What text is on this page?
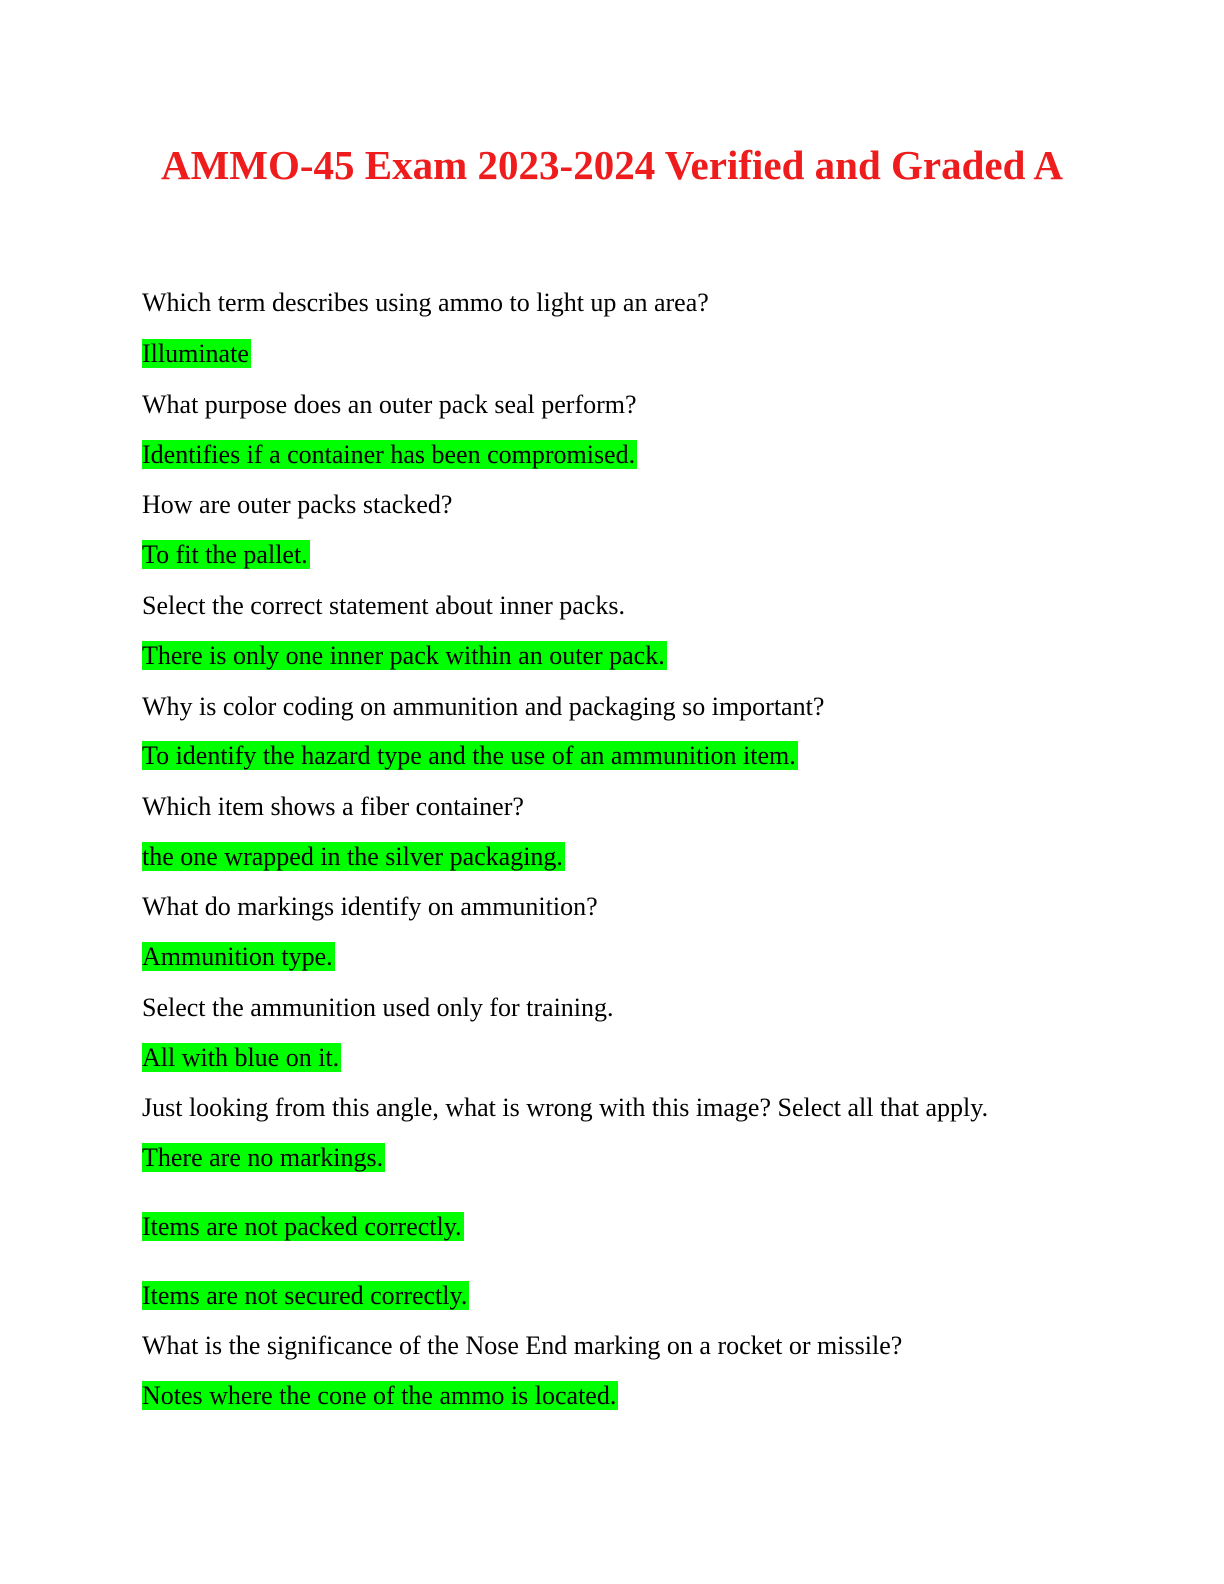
AMMO-45 Exam 2023-2024 Verified and Graded A
Which term describes using ammo to light up an area?
Illuminate
What purpose does an outer pack seal perform?
Identifies if a container has been compromised.
How are outer packs stacked?
To fit the pallet.
Select the correct statement about inner packs.
There is only one inner pack within an outer pack.
Why is color coding on ammunition and packaging so important?
To identify the hazard type and the use of an ammunition item.
Which item shows a fiber container?
the one wrapped in the silver packaging.
What do markings identify on ammunition?
Ammunition type.
Select the ammunition used only for training.
All with blue on it.
Just looking from this angle, what is wrong with this image? Select all that apply.
There are no markings.
Items are not packed correctly.
Items are not secured correctly.
What is the significance of the Nose End marking on a rocket or missile?
Notes where the cone of the ammo is located.
